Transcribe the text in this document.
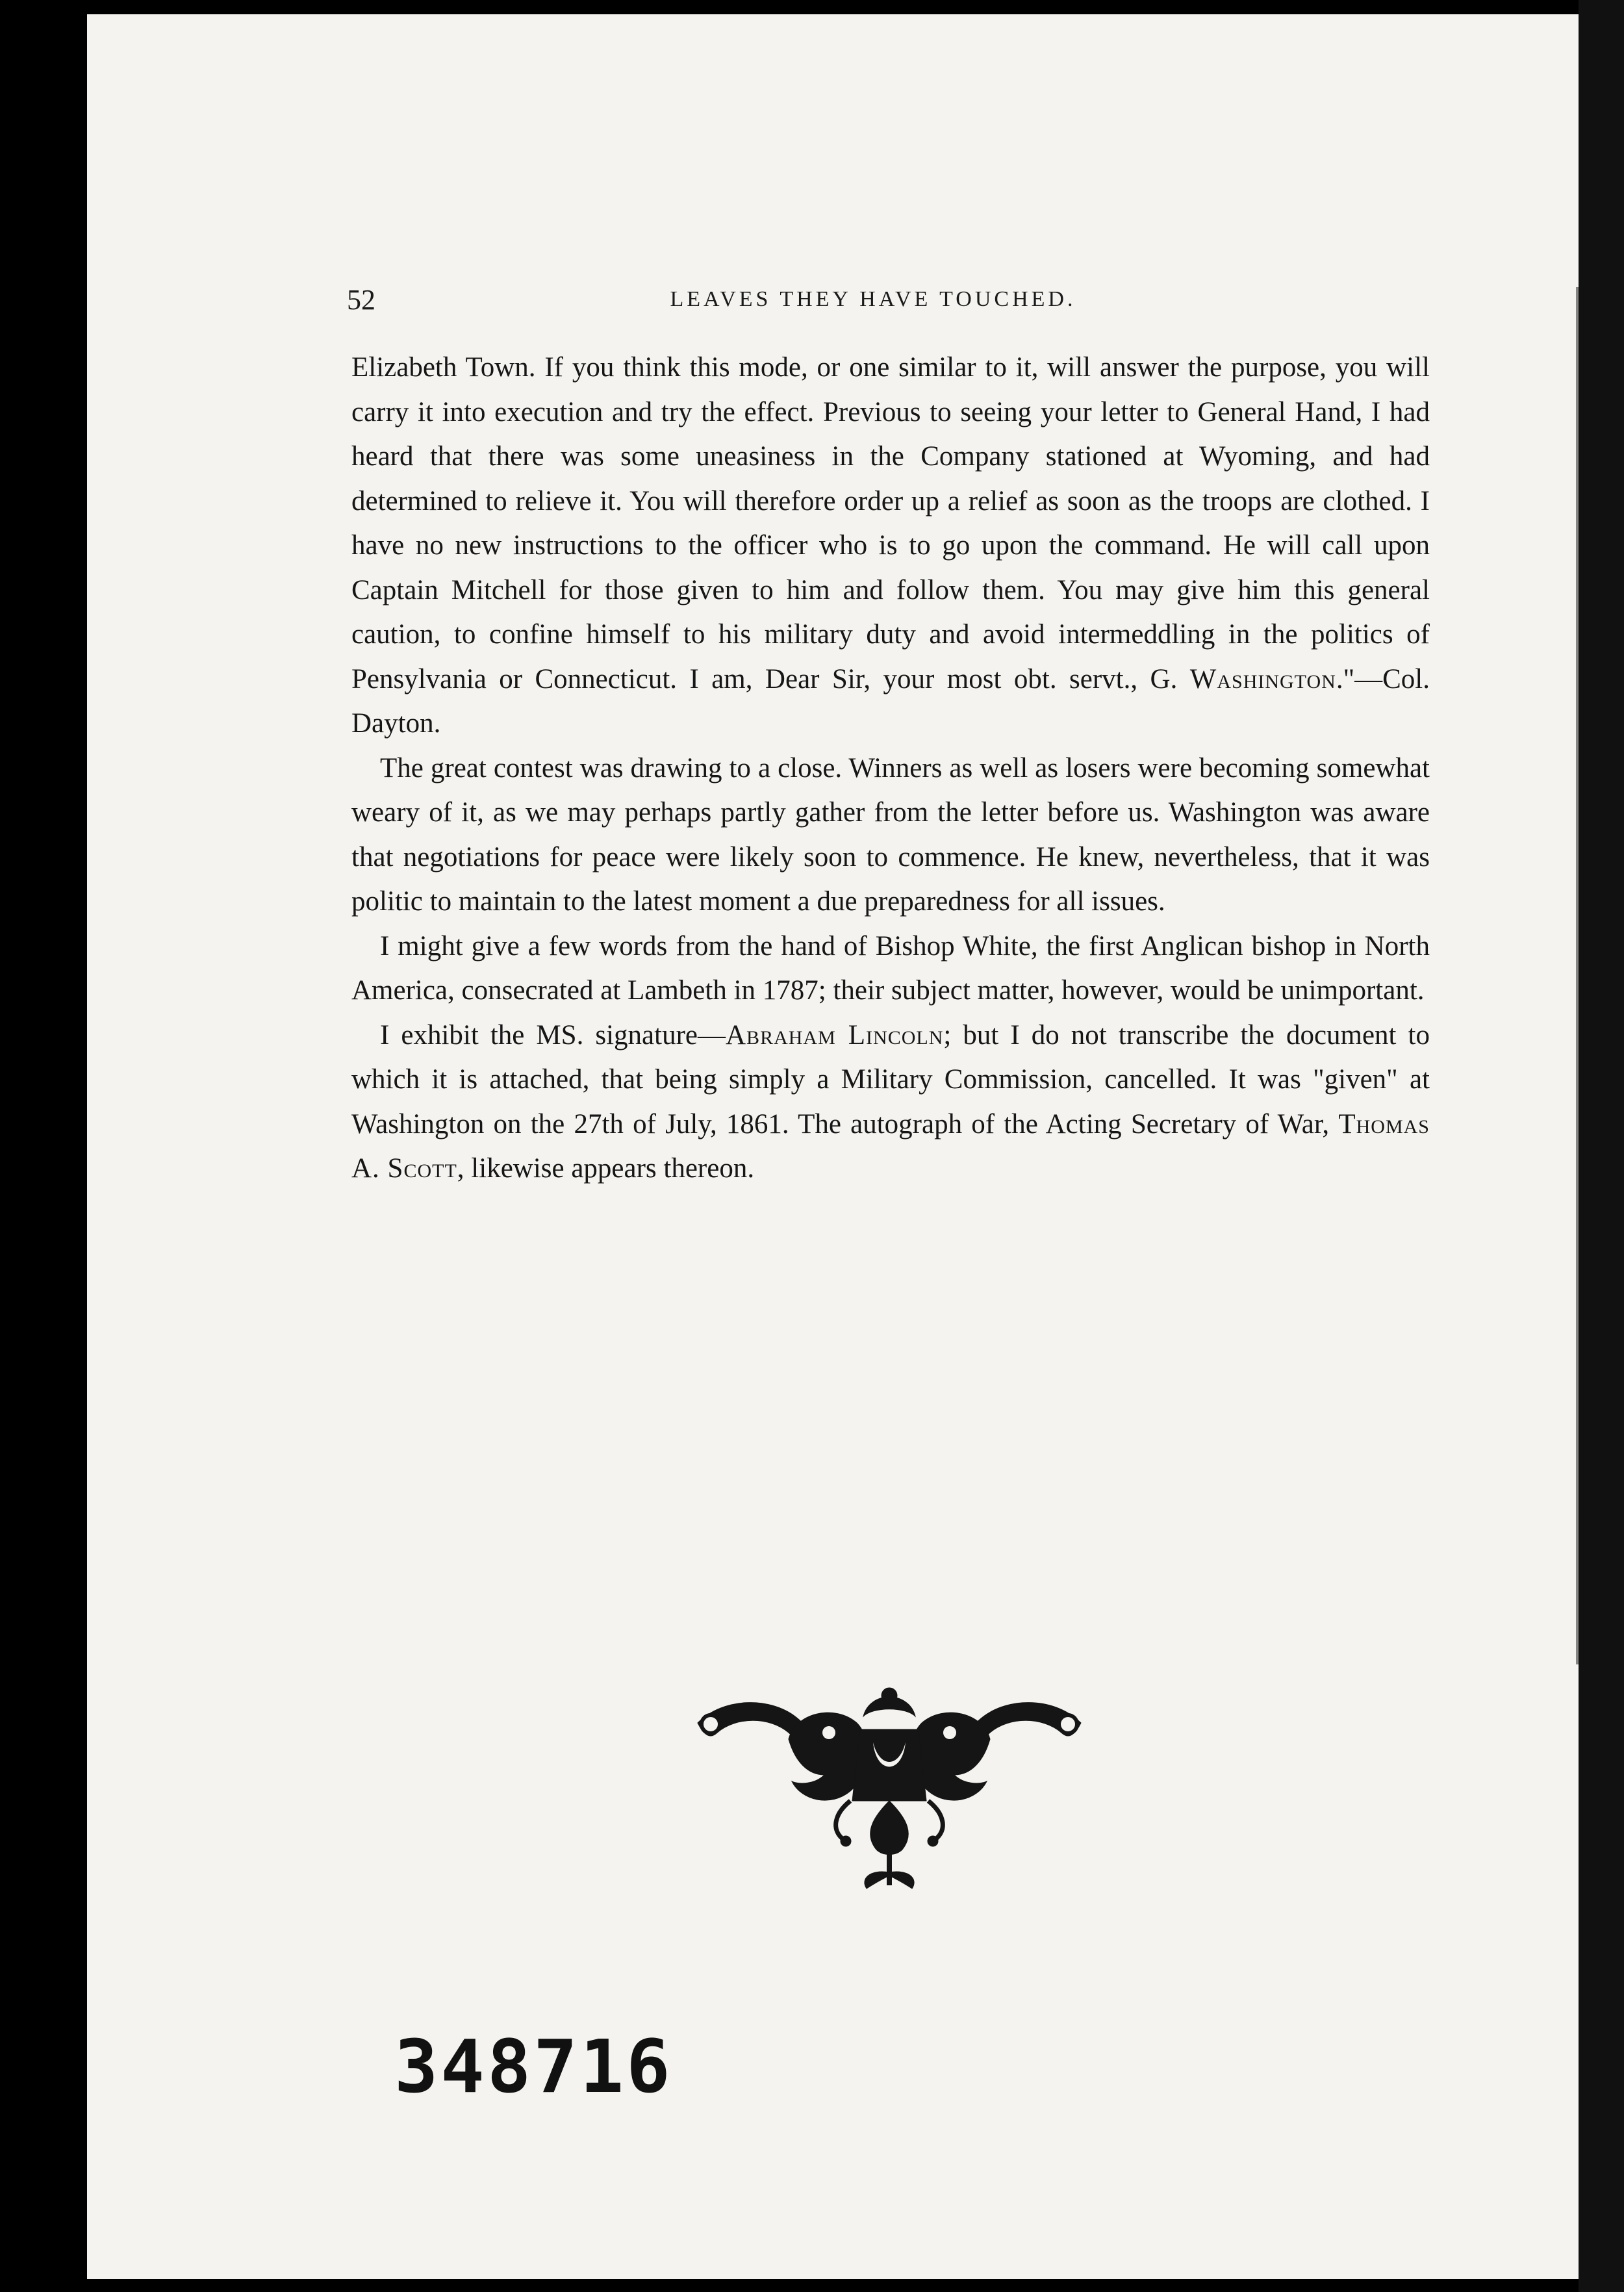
52	LEAVES THEY HAVE TOUCHED.

Elizabeth Town. If you think this mode, or one similar to it, will answer the purpose, you will carry it into execution and try the effect. Previous to seeing your letter to General Hand, I had heard that there was some uneasiness in the Company stationed at Wyoming, and had determined to relieve it. You will therefore order up a relief as soon as the troops are clothed. I have no new instructions to the officer who is to go upon the command. He will call upon Captain Mitchell for those given to him and follow them. You may give him this general caution, to confine himself to his military duty and avoid intermeddling in the politics of Pensylvania or Connecticut. I am, Dear Sir, your most obt. servt., G. Washington."—Col. Dayton.

The great contest was drawing to a close. Winners as well as losers were becoming somewhat weary of it, as we may perhaps partly gather from the letter before us. Washington was aware that negotiations for peace were likely soon to commence. He knew, nevertheless, that it was politic to maintain to the latest moment a due preparedness for all issues.

I might give a few words from the hand of Bishop White, the first Anglican bishop in North America, consecrated at Lambeth in 1787; their subject matter, however, would be unimportant.

I exhibit the MS. signature—Abraham Lincoln; but I do not transcribe the document to which it is attached, that being simply a Military Commission, cancelled. It was "given" at Washington on the 27th of July, 1861. The autograph of the Acting Secretary of War, Thomas A. Scott, likewise appears thereon.

348716
